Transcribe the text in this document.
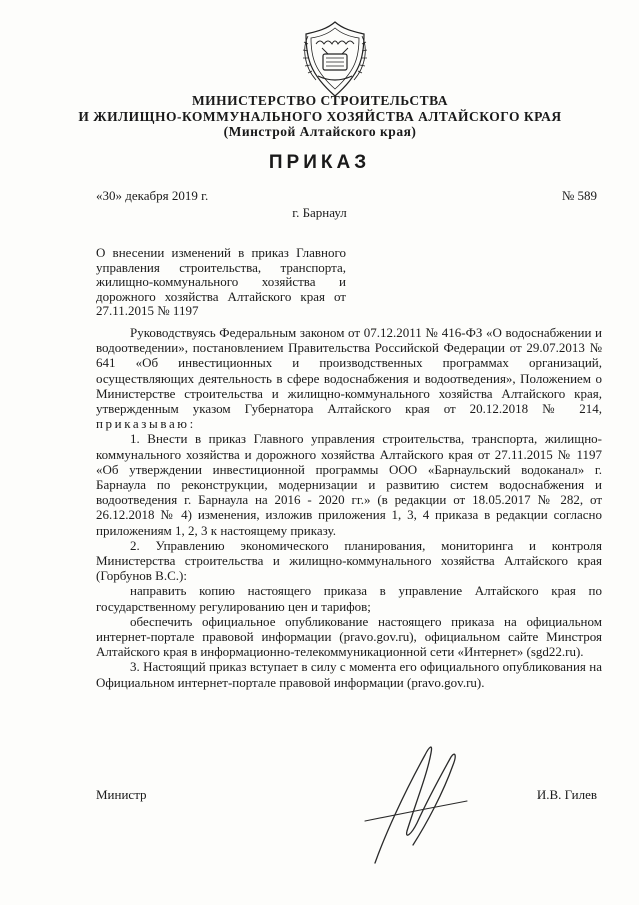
МИНИСТЕРСТВО СТРОИТЕЛЬСТВА
И ЖИЛИЩНО-КОММУНАЛЬНОГО ХОЗЯЙСТВА АЛТАЙСКОГО КРАЯ
(Минстрой Алтайского края)
ПРИКАЗ
«30» декабря 2019 г.	№ 589
г. Барнаул
О внесении изменений в приказ Главного управления строительства, транспорта, жилищно-коммунального хозяйства и дорожного хозяйства Алтайского края от 27.11.2015 № 1197

Руководствуясь Федеральным законом от 07.12.2011 № 416-ФЗ «О водоснабжении и водоотведении», постановлением Правительства Российской Федерации от 29.07.2013 № 641 «Об инвестиционных и производственных программах организаций, осуществляющих деятельность в сфере водоснабжения и водоотведения», Положением о Министерстве строительства и жилищно-коммунального хозяйства Алтайского края, утвержденным указом Губернатора Алтайского края от 20.12.2018 № 214, приказываю:

1. Внести в приказ Главного управления строительства, транспорта, жилищно-коммунального хозяйства и дорожного хозяйства Алтайского края от 27.11.2015 № 1197 «Об утверждении инвестиционной программы ООО «Барнаульский водоканал» г. Барнаула по реконструкции, модернизации и развитию систем водоснабжения и водоотведения г. Барнаула на 2016 - 2020 гг.» (в редакции от 18.05.2017 № 282, от 26.12.2018 № 4) изменения, изложив приложения 1, 3, 4 приказа в редакции согласно приложениям 1, 2, 3 к настоящему приказу.

2. Управлению экономического планирования, мониторинга и контроля Министерства строительства и жилищно-коммунального хозяйства Алтайского края (Горбунов В.С.):

направить копию настоящего приказа в управление Алтайского края по государственному регулированию цен и тарифов;

обеспечить официальное опубликование настоящего приказа на официальном интернет-портале правовой информации (pravo.gov.ru), официальном сайте Минстроя Алтайского края в информационно-телекоммуникационной сети «Интернет» (sgd22.ru).

3. Настоящий приказ вступает в силу с момента его официального опубликования на Официальном интернет-портале правовой информации (pravo.gov.ru).

Министр	И.В. Гилев
